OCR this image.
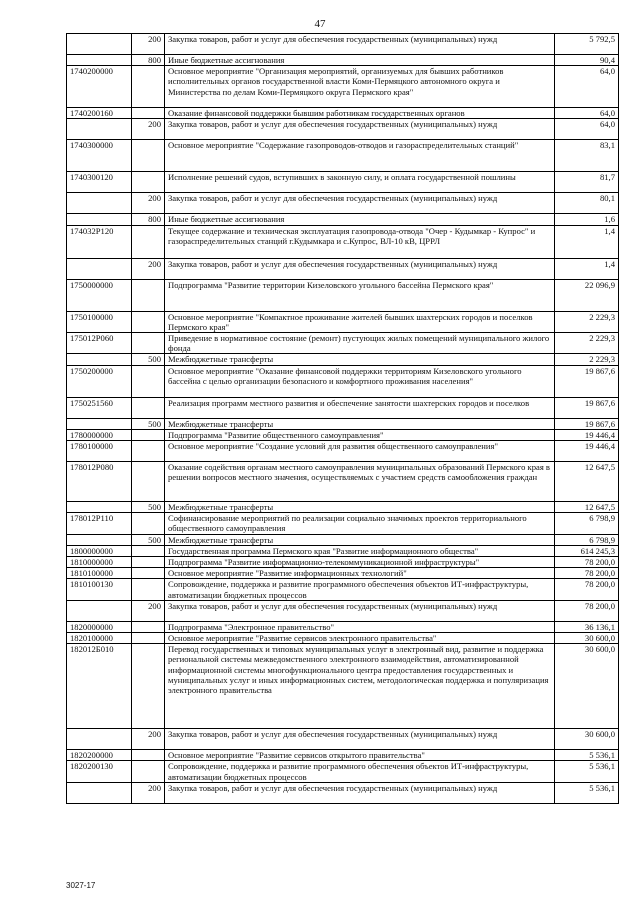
47
	200	Закупка товаров, работ и услуг для обеспечения государственных (муниципальных) нужд	5 792,5
	800	Иные бюджетные ассигнования	90,4
1740200000		Основное мероприятие "Организация мероприятий, организуемых для бывших работников исполнительных органов государственной власти Коми-Пермяцкого автономного округа и Министерства по делам Коми-Пермяцкого округа Пермского края"	64,0
1740200160		Оказание финансовой поддержки бывшим работникам государственных органов	64,0
	200	Закупка товаров, работ и услуг для обеспечения государственных (муниципальных) нужд	64,0
1740300000		Основное мероприятие "Содержание газопроводов-отводов и газораспределительных станций"	83,1
1740300120		Исполнение решений судов, вступивших в законную силу, и оплата государственной пошлины	81,7
	200	Закупка товаров, работ и услуг для обеспечения государственных (муниципальных) нужд	80,1
	800	Иные бюджетные ассигнования	1,6
174032Р120		Текущее содержание и техническая эксплуатация газопровода-отвода "Очер - Кудымкар - Купрос" и газораспределительных станций г.Кудымкара и с.Купрос, ВЛ-10 кВ, ЦРРЛ	1,4
	200	Закупка товаров, работ и услуг для обеспечения государственных (муниципальных) нужд	1,4
1750000000		Подпрограмма "Развитие территории Кизеловского угольного бассейна Пермского края"	22 096,9
1750100000		Основное мероприятие "Компактное проживание жителей бывших шахтерских городов и поселков Пермского края"	2 229,3
175012Р060		Приведение в нормативное состояние (ремонт) пустующих жилых помещений муниципального жилого фонда	2 229,3
	500	Межбюджетные трансферты	2 229,3
1750200000		Основное мероприятие "Оказание финансовой поддержки территориям Кизеловского угольного бассейна с целью организации безопасного и комфортного проживания населения"	19 867,6
1750251560		Реализация программ местного развития и обеспечение занятости шахтерских городов и поселков	19 867,6
	500	Межбюджетные трансферты	19 867,6
1780000000		Подпрограмма "Развитие общественного самоуправления"	19 446,4
1780100000		Основное мероприятие "Создание условий для развития общественного самоуправления"	19 446,4
178012Р080		Оказание содействия органам местного самоуправления муниципальных образований Пермского края в решении вопросов местного значения, осуществляемых с участием средств самообложения граждан	12 647,5
	500	Межбюджетные трансферты	12 647,5
178012Р110		Софинансирование мероприятий по реализации социально значимых проектов территориального общественного самоуправления	6 798,9
	500	Межбюджетные трансферты	6 798,9
1800000000		Государственная программа Пермского края "Развитие информационного общества"	614 245,3
1810000000		Подпрограмма "Развитие информационно-телекоммуникационной инфраструктуры"	78 200,0
1810100000		Основное мероприятие "Развитие информационных технологий"	78 200,0
1810100130		Сопровождение, поддержка и развитие программного обеспечения объектов ИТ-инфраструктуры, автоматизации бюджетных процессов	78 200,0
	200	Закупка товаров, работ и услуг для обеспечения государственных (муниципальных) нужд	78 200,0
1820000000		Подпрограмма "Электронное правительство"	36 136,1
1820100000		Основное мероприятие "Развитие сервисов электронного правительства"	30 600,0
182012Б010		Перевод государственных и типовых муниципальных услуг в электронный вид, развитие и поддержка региональной системы межведомственного электронного взаимодействия, автоматизированной информационной системы многофункционального центра предоставления государственных и муниципальных услуг и иных информационных систем, методологическая поддержка и популяризация электронного правительства	30 600,0
	200	Закупка товаров, работ и услуг для обеспечения государственных (муниципальных) нужд	30 600,0
1820200000		Основное мероприятие "Развитие сервисов открытого правительства"	5 536,1
1820200130		Сопровождение, поддержка и развитие программного обеспечения объектов ИТ-инфраструктуры, автоматизации бюджетных процессов	5 536,1
	200	Закупка товаров, работ и услуг для обеспечения государственных (муниципальных) нужд	5 536,1
3027-17
